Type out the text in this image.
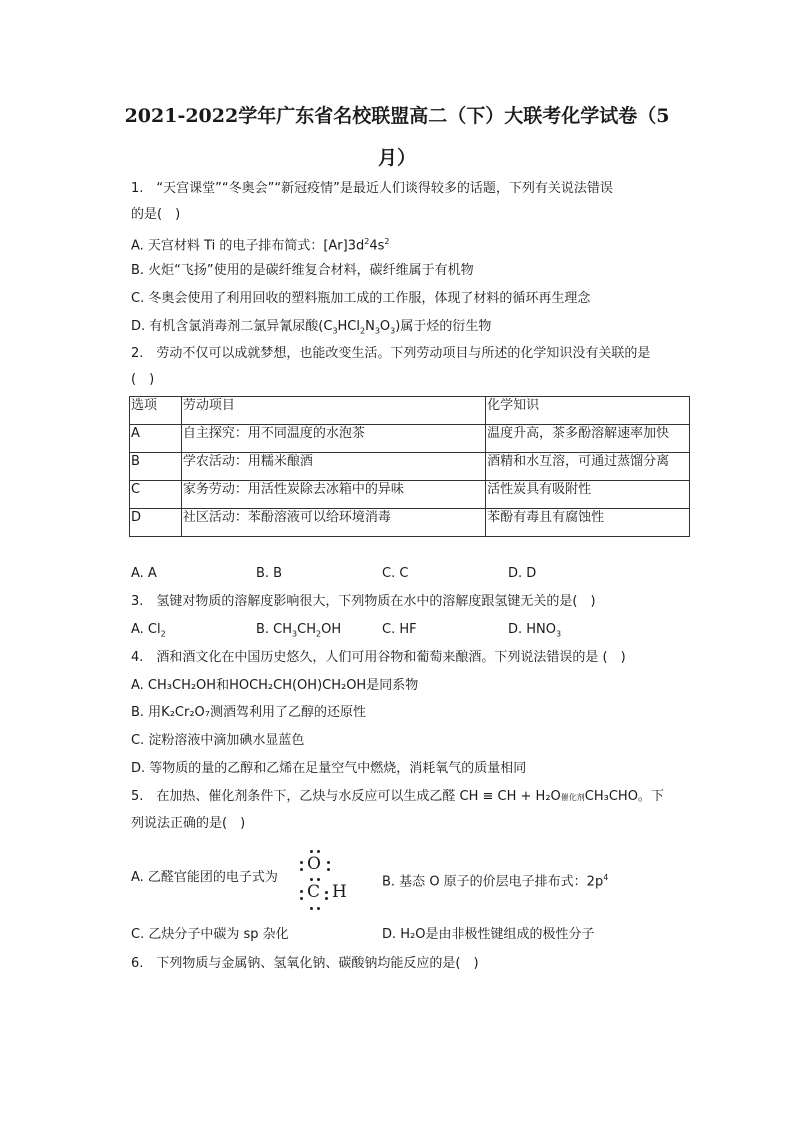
2021-2022学年广东省名校联盟高二（下）大联考化学试卷（5
月）
1.　“天宫课堂”“冬奥会”“新冠疫情”是最近人们谈得较多的话题，下列有关说法错误
的是(　)
A. 天宫材料 Ti 的电子排布简式：$[Ar]3d^24s^2$
B. 火炬“飞扬”使用的是碳纤维复合材料，碳纤维属于有机物
C. 冬奥会使用了利用回收的塑料瓶加工成的工作服，体现了材料的循环再生理念
D. 有机含氯消毒剂二氯异氰尿酸$(C_3HCl_2N_3O_3)$属于烃的衍生物
2.　劳动不仅可以成就梦想，也能改变生活。下列劳动项目与所述的化学知识没有关联的是
(　)
选项	劳动项目	化学知识
A	自主探究：用不同温度的水泡茶	温度升高，茶多酚溶解速率加快
B	学农活动：用糯米酿酒	酒精和水互溶，可通过蒸馏分离
C	家务劳动：用活性炭除去冰箱中的异味	活性炭具有吸附性
D	社区活动：苯酚溶液可以给环境消毒	苯酚有毒且有腐蚀性
A. A	B. B	C. C	D. D
3.　氢键对物质的溶解度影响很大，下列物质在水中的溶解度跟氢键无关的是(　)
A. $Cl_2$	B. $CH_3CH_2OH$	C. HF	D. $HNO_3$
4.　酒和酒文化在中国历史悠久，人们可用谷物和葡萄来酿酒。下列说法错误的是 (　)
A. CH₃CH₂OH和HOCH₂CH(OH)CH₂OH是同系物
B. 用K₂Cr₂O₇测酒驾利用了乙醇的还原性
C. 淀粉溶液中滴加碘水显蓝色
D. 等物质的量的乙醇和乙烯在足量空气中燃烧，消耗氧气的质量相同
5.　在加热、催化剂条件下，乙炔与水反应可以生成乙醛 CH ≡ CH + H₂O催化剂CH₃CHO。下
列说法正确的是(　)
A. 乙醛官能团的电子式为
O
C H
B. 基态 O 原子的价层电子排布式：$2p^4$
C. 乙炔分子中碳为 sp 杂化	D. H₂O是由非极性键组成的极性分子
6.　下列物质与金属钠、氢氧化钠、碳酸钠均能反应的是(　)
